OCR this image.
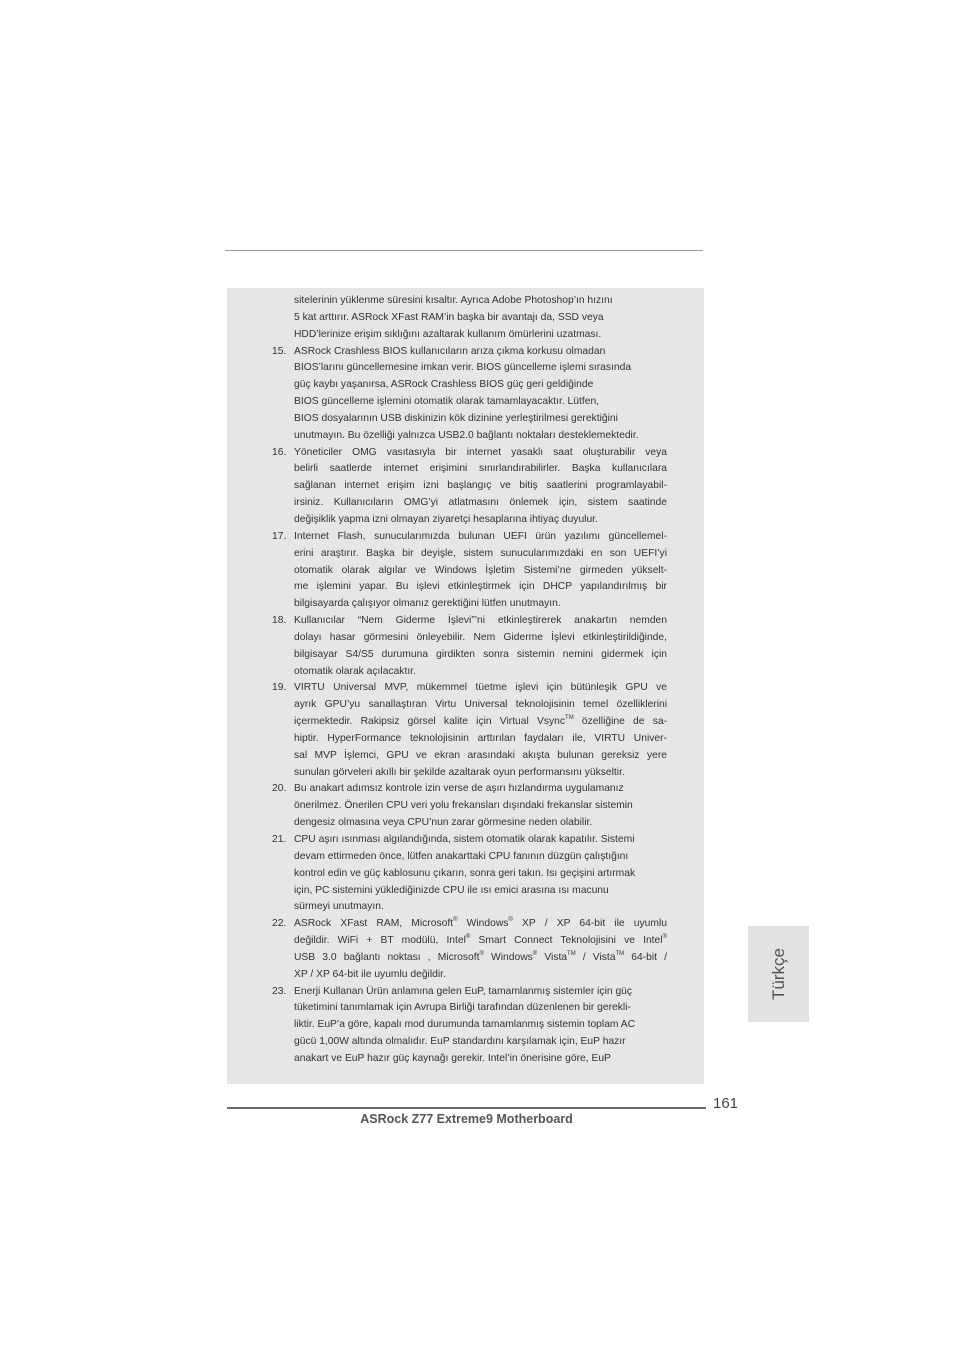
sitelerinin yüklenme süresini kısaltır. Ayrıca Adobe Photoshop’ın hızını
5 kat arttırır. ASRock XFast RAM’in başka bir avantajı da, SSD veya
HDD’lerinize erişim sıklığını azaltarak kullanım ömürlerini uzatması.
15. ASRock Crashless BIOS kullanıcıların arıza çıkma korkusu olmadan
BIOS’larını güncellemesine imkan verir. BIOS güncelleme işlemi sırasında
güç kaybı yaşanırsa, ASRock Crashless BIOS güç geri geldiğinde
BIOS güncelleme işlemini otomatik olarak tamamlayacaktır. Lütfen,
BIOS dosyalarının USB diskinizin kök dizinine yerleştirilmesi gerektiğini
unutmayın. Bu özelliği yalnızca USB2.0 bağlantı noktaları desteklemektedir.
16. Yöneticiler OMG vasıtasıyla bir internet yasaklı saat oluşturabilir veya
belirli saatlerde internet erişimini sınırlandırabilirler. Başka kullanıcılara
sağlanan internet erişim izni başlangıç ve bitiş saatlerini programlayabil-
irsiniz. Kullanıcıların OMG’yi atlatmasını önlemek için, sistem saatinde
değişiklik yapma izni olmayan ziyaretçi hesaplarına ihtiyaç duyulur.
17. Internet Flash, sunucularımızda bulunan UEFI ürün yazılımı güncellemel-
erini araştırır. Başka bir deyişle, sistem sunucularımızdaki en son UEFI’yi
otomatik olarak algılar ve Windows İşletim Sistemi’ne girmeden yükselt-
me işlemini yapar. Bu işlevi etkinleştirmek için DHCP yapılandırılmış bir
bilgisayarda çalışıyor olmanız gerektiğini lütfen unutmayın.
18. Kullanıcılar “Nem Giderme İşlevi”’ni etkinleştirerek anakartın nemden
dolayı hasar görmesini önleyebilir. Nem Giderme İşlevi etkinleştirildiğinde,
bilgisayar S4/S5 durumuna girdikten sonra sistemin nemini gidermek için
otomatik olarak açılacaktır.
19. VIRTU Universal MVP, mükemmel tüetme işlevi için bütünleşik GPU ve
ayrık GPU’yu sanallaştıran Virtu Universal teknolojisinin temel özelliklerini
içermektedir. Rakipsiz görsel kalite için Virtual Vsync™ özelliğine de sa-
hiptir. HyperFormance teknolojisinin arttırılan faydaları ile, VIRTU Univer-
sal MVP İşlemci, GPU ve ekran arasındaki akışta bulunan gereksiz yere
sunulan görveleri akıllı bir şekilde azaltarak oyun performansını yükseltir.
20. Bu anakart adımsız kontrole izin verse de aşırı hızlandırma uygulamanız
önerilmez. Önerilen CPU veri yolu frekansları dışındaki frekanslar sistemin
dengesiz olmasına veya CPU’nun zarar görmesine neden olabilir.
21. CPU aşırı ısınması algılandığında, sistem otomatik olarak kapatılır. Sistemi
devam ettirmeden önce, lütfen anakarttaki CPU fanının düzgün çalıştığını
kontrol edin ve güç kablosunu çıkarın, sonra geri takın. Isı geçişini artırmak
için, PC sistemini yüklediğinizde CPU ile ısı emici arasına ısı macunu
sürmeyi unutmayın.
22. ASRock XFast RAM, Microsoft® Windows® XP / XP 64-bit ile uyumlu
değildir. WiFi + BT modülü, Intel® Smart Connect Teknolojisini ve Intel®
USB 3.0 bağlantı noktası , Microsoft® Windows® Vista™ / Vista™ 64-bit /
XP / XP 64-bit ile uyumlu değildir.
23. Enerji Kullanan Ürün anlamına gelen EuP, tamamlanmış sistemler için güç
tüketimini tanımlamak için Avrupa Birliği tarafından düzenlenen bir gerekli-
liktir. EuP’a göre, kapalı mod durumunda tamamlanmış sistemin toplam AC
gücü 1,00W altında olmalıdır. EuP standardını karşılamak için, EuP hazır
anakart ve EuP hazır güç kaynağı gerekir. Intel’in önerisine göre, EuP
Türkçe
161
ASRock Z77 Extreme9 Motherboard
